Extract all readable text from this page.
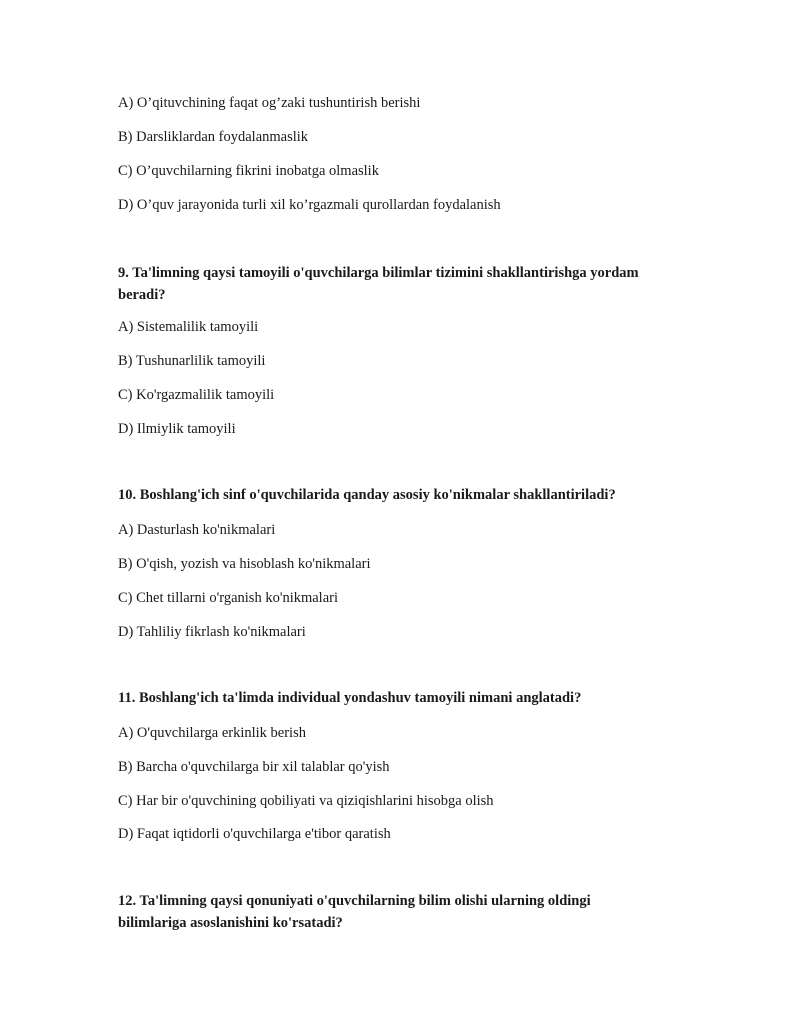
A) O’qituvchining faqat og’zaki tushuntirish berishi
B) Darsliklardan foydalanmaslik
C) O’quvchilarning fikrini inobatga olmaslik
D) O’quv jarayonida turli xil ko’rgazmali qurollardan foydalanish
9. Ta'limning qaysi tamoyili o'quvchilarga bilimlar tizimini shakllantirishga yordam beradi?
A) Sistemalilik tamoyili
B) Tushunarlilik tamoyili
C) Ko'rgazmalilik tamoyili
D) Ilmiylik tamoyili
10. Boshlang'ich sinf o'quvchilarida qanday asosiy ko'nikmalar shakllantiriladi?
A) Dasturlash ko'nikmalari
B) O'qish, yozish va hisoblash ko'nikmalari
C) Chet tillarni o'rganish ko'nikmalari
D) Tahliliy fikrlash ko'nikmalari
11. Boshlang'ich ta'limda individual yondashuv tamoyili nimani anglatadi?
A) O'quvchilarga erkinlik berish
B) Barcha o'quvchilarga bir xil talablar qo'yish
C) Har bir o'quvchining qobiliyati va qiziqishlarini hisobga olish
D) Faqat iqtidorli o'quvchilarga e'tibor qaratish
12. Ta'limning qaysi qonuniyati o'quvchilarning bilim olishi ularning oldingi bilimlariga asoslanishini ko'rsatadi?
